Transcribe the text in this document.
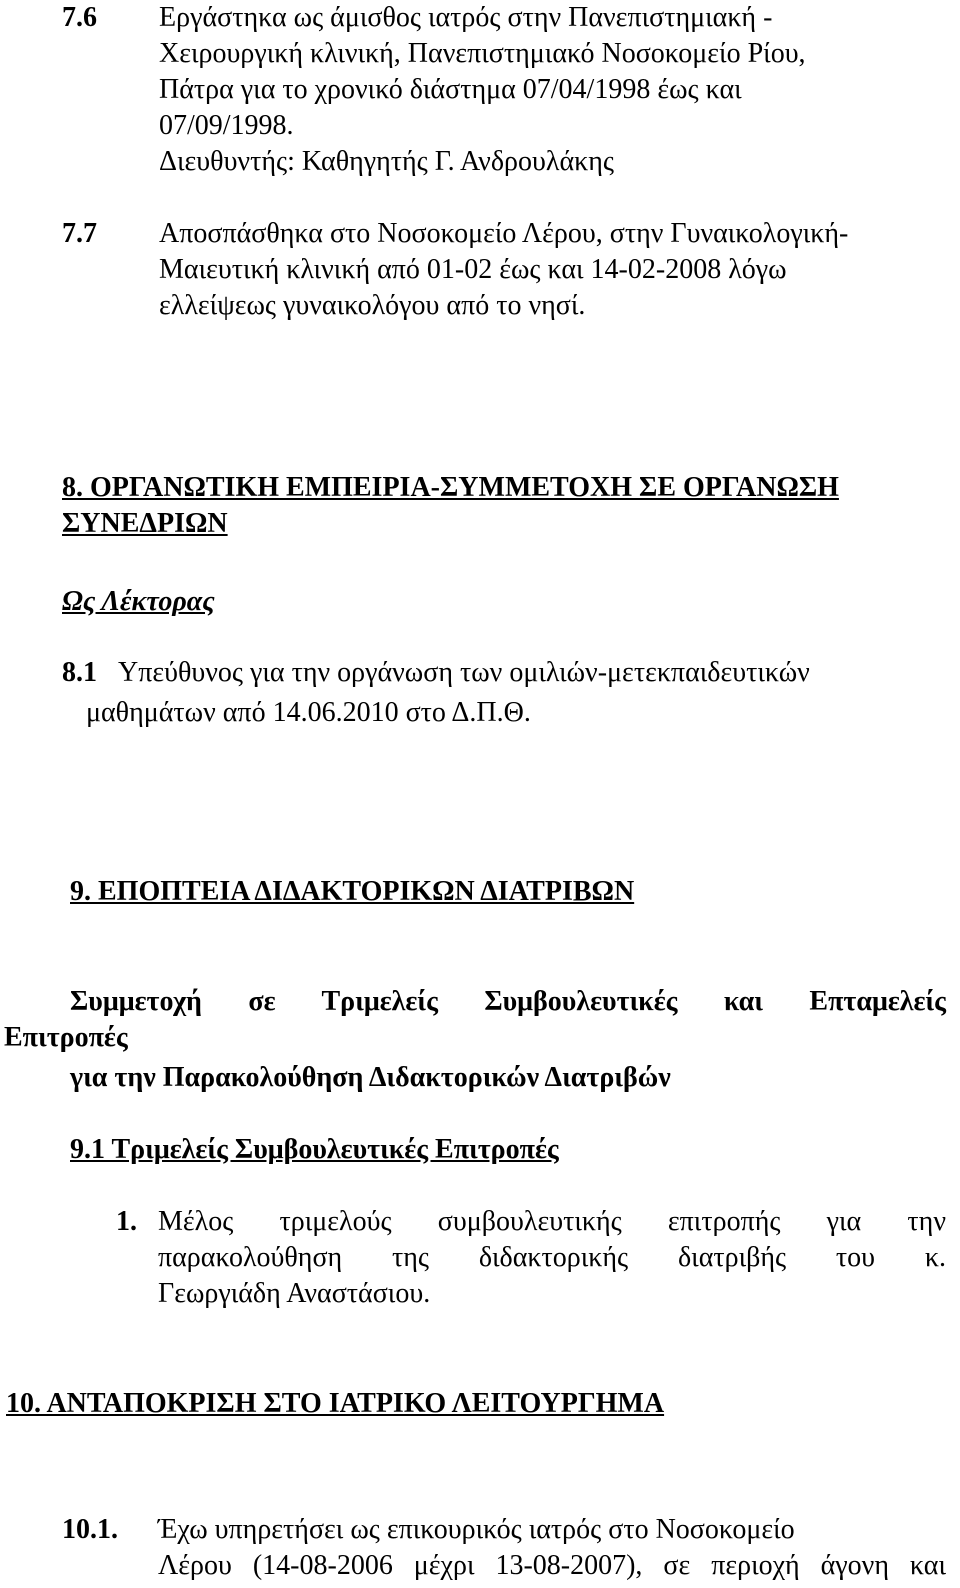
7.6 Εργάστηκα ως άμισθος ιατρός στην Πανεπιστημιακή -
Χειρουργική κλινική, Πανεπιστημιακό Νοσοκομείο Ρίου,
Πάτρα για το χρονικό διάστημα 07/04/1998 έως και
07/09/1998.
Διευθυντής: Καθηγητής Γ. Ανδρουλάκης
7.7 Αποσπάσθηκα στο Νοσοκομείο Λέρου, στην Γυναικολογική-
Μαιευτική κλινική από 01-02 έως και 14-02-2008 λόγω
ελλείψεως γυναικολόγου από το νησί.
8. ΟΡΓΑΝΩΤΙΚΗ ΕΜΠΕΙΡΙΑ-ΣΥΜΜΕΤΟΧΗ ΣΕ ΟΡΓΑΝΩΣΗ
ΣΥΝΕΔΡΙΩΝ
Ως Λέκτορας
8.1 Υπεύθυνος για την οργάνωση των ομιλιών-μετεκπαιδευτικών
μαθημάτων από 14.06.2010 στο Δ.Π.Θ.
9. ΕΠΟΠΤΕΙΑ ΔΙΔΑΚΤΟΡΙΚΩΝ ΔΙΑΤΡΙΒΩΝ
Συμμετοχή σε Τριμελείς Συμβουλευτικές και Επταμελείς
Επιτροπές
για την Παρακολούθηση Διδακτορικών Διατριβών
9.1 Τριμελείς Συμβουλευτικές Επιτροπές
1. Μέλος τριμελούς συμβουλευτικής επιτροπής για την
παρακολούθηση της διδακτορικής διατριβής του κ.
Γεωργιάδη Αναστάσιου.
10. ΑΝΤΑΠΟΚΡΙΣΗ ΣΤΟ ΙΑΤΡΙΚΟ ΛΕΙΤΟΥΡΓΗΜΑ
10.1. Έχω υπηρετήσει ως επικουρικός ιατρός στο Νοσοκομείο
Λέρου (14-08-2006 μέχρι 13-08-2007), σε περιοχή άγονη και
